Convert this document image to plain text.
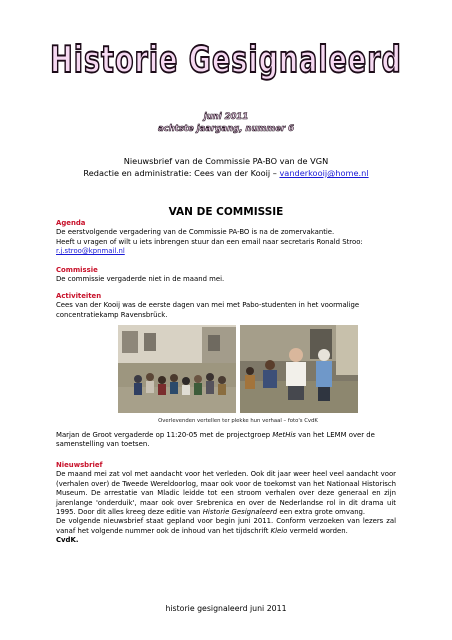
Historie Gesignaleerd
juni 2011
achtste jaargang, nummer 6
Nieuwsbrief van de Commissie PA-BO van de VGN
Redactie en administratie: Cees van der Kooij – vanderkooij@home.nl
VAN DE COMMISSIE
Agenda
De eerstvolgende vergadering van de Commissie PA-BO is na de zomervakantie.
Heeft u vragen of wilt u iets inbrengen stuur dan een email naar secretaris Ronald Stroo:
r.j.stroo@kpnmail.nl
Commissie
De commissie vergaderde niet in de maand mei.
Activiteiten
Cees van der Kooij was de eerste dagen van mei met Pabo-studenten in het voormalige concentratiekamp Ravensbrück.
Overlevenden vertellen ter plekke hun verhaal – foto's CvdK
Marjan de Groot vergaderde op 11:20-05 met de projectgroep MetHis van het LEMM over de samenstelling van toetsen.
Nieuwsbrief
De maand mei zat vol met aandacht voor het verleden. Ook dit jaar weer heel veel aandacht voor (verhalen over) de Tweede Wereldoorlog, maar ook voor de toekomst van het Nationaal Historisch Museum. De arrestatie van Mladic leidde tot een stroom verhalen over deze generaal en zijn jarenlange 'onderduik', maar ook over Srebrenica en over de Nederlandse rol in dit drama uit 1995. Door dit alles kreeg deze editie van Historie Gesignaleerd een extra grote omvang.
De volgende nieuwsbrief staat gepland voor begin juni 2011. Conform verzoeken van lezers zal vanaf het volgende nummer ook de inhoud van het tijdschrift Kleio vermeld worden.
CvdK.
historie gesignaleerd juni 2011
